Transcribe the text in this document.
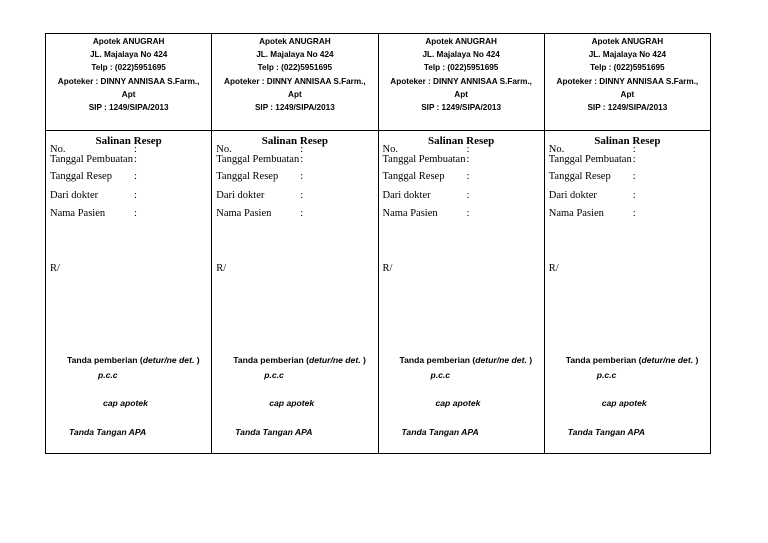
Apotek ANUGRAH
JL. Majalaya No 424
Telp : (022)5951695
Apoteker : DINNY ANNISAA S.Farm.,
Apt
SIP : 1249/SIPA/2013
Salinan Resep
No.	:
Tanggal Pembuatan:
Tanggal Resep :
Dari dokter	:
Nama Pasien	:
R/
Tanda pemberian (detur/ne det. )
p.c.c
cap apotek
Tanda Tangan APA
Apotek ANUGRAH
JL. Majalaya No 424
Telp : (022)5951695
Apoteker : DINNY ANNISAA S.Farm.,
Apt
SIP : 1249/SIPA/2013
Salinan Resep
No.	:
Tanggal Pembuatan:
Tanggal Resep :
Dari dokter	:
Nama Pasien	:
R/
Tanda pemberian (detur/ne det. )
p.c.c
cap apotek
Tanda Tangan APA
Apotek ANUGRAH
JL. Majalaya No 424
Telp : (022)5951695
Apoteker : DINNY ANNISAA S.Farm.,
Apt
SIP : 1249/SIPA/2013
Salinan Resep
No.	:
Tanggal Pembuatan:
Tanggal Resep :
Dari dokter	:
Nama Pasien	:
R/
Tanda pemberian (detur/ne det. )
p.c.c
cap apotek
Tanda Tangan APA
Apotek ANUGRAH
JL. Majalaya No 424
Telp : (022)5951695
Apoteker : DINNY ANNISAA S.Farm.,
Apt
SIP : 1249/SIPA/2013
Salinan Resep
No.	:
Tanggal Pembuatan:
Tanggal Resep :
Dari dokter	:
Nama Pasien	:
R/
Tanda pemberian (detur/ne det. )
p.c.c
cap apotek
Tanda Tangan APA
